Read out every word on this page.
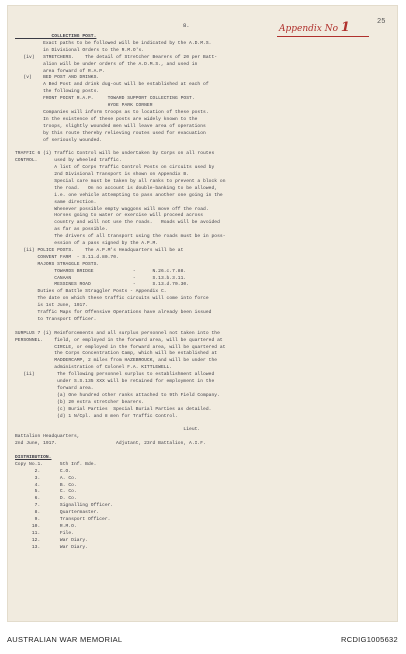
8.	25
Appendix No 1
COLLECTING POST.
Exact paths to be followed will be indicated by the A.D.M.S.
in Divisional Orders to the R.M.O's.
(iv)   STRETCHERS.    The detail of Stretcher Bearers of 20 per Batt-
alion will be under orders of the A.D.M.S., and used in
area forward of R.A.P.
(v)    BED POST AND DRINKS.
A Bed Post and drink dug-out will be established at each of
the following posts.
FRONT POINT R.A.P.     TOWARD SUPPORT COLLECTING POST.
HYDE PARK CORNER
Companies will inform troops as to location of these posts.
In the existence of these posts are widely known to the
troops, slightly wounded men will leave area of operations
by this route thereby relieving routes used for evacuation
of seriously wounded.
TRAFFIC 6 (i) Traffic Control will be undertaken by Corps on all routes
CONTROL.      used by wheeled traffic.
A list of Corps Traffic Control Posts on circuits used by
2nd Divisional Transport is shown on Appendix B.
Special care must be taken by all ranks to prevent a block on
the road.   On no account is double-banking to be allowed,
i.e. one vehicle attempting to pass another one going in the
same direction.
Whenever possible empty waggons will move off the road.
Horses going to water or exercise will proceed across
country and will not use the roads.   Roads will be avoided
as far as possible.
The drivers of all transport using the roads must be in poss-
ession of a pass signed by the A.P.M.
(ii) POLICE POSTS.    The A.P.M's Headquarters will be at
CONVENT FARM  - S.11.d.80.70.
MAJORS STRAGGLE POSTS.
TOWARDS BRIDGE              -      N.26.c.7.88.
CANAAN                      -      S.13.b.3.11.
MESSINES ROAD               -      S.13.d.70.30.
Duties of Battle Straggler Posts - Appendix C.
The date on which these traffic circuits will come into force
is 1st June, 1917.
Traffic Maps for Offensive Operations have already been issued
to Transport Officer.
SURPLUS 7 (i) Reinforcements and all surplus personnel not taken into the
PERSONNEL.    field, or employed in the forward area, will be quartered at
CIRCLE, or employed in the forward area, will be quartered at
the Corps Concentration Camp, which will be established at
MADDERCAMP, 2 miles from HAZEBROUCK, and will be under the
administration of Colonel F.A. KITTLEWELL.
(ii)        The following personnel surplus to establishment allowed
under S.S.135 XXX will be retained for employment in the
forward area.
(a) One hundred other ranks attached to 9th Field Company.
(b) 20 extra stretcher bearers.
(c) Burial Parties  Special Burial Parties as detailed.
(d) 1 N/Cpl. and 8 men for Traffic Control.
Lieut.
Battalion Headquarters,
2nd June, 1917.                     Adjutant, 23rd Battalion, A.I.F.
DISTRIBUTION.
Copy No.1.      5th Inf. Bde.
2.       C.O.
3.       A. Co.
4.       B. Co.
5.       C. Co.
6.       D. Co.
7.       Signalling Officer.
8.       Quartermaster.
9.       Transport Officer.
10.       R.M.O.
11.       File.
12.       War Diary.
13.       War Diary.
AUSTRALIAN WAR MEMORIAL	RCDIG1005632
